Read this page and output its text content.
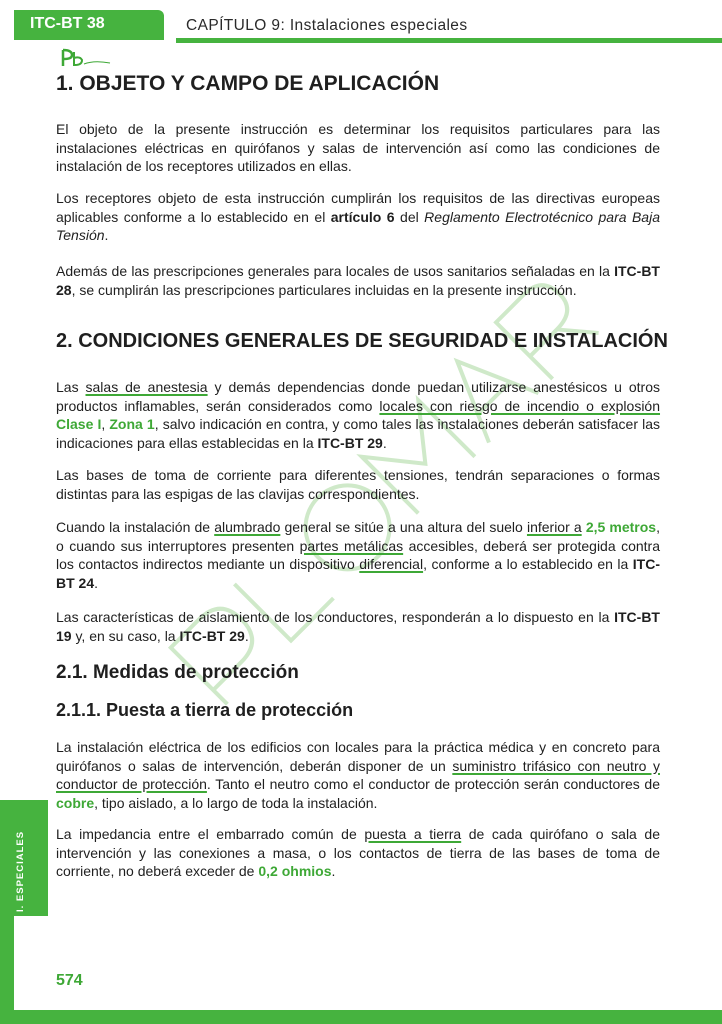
ITC-BT 38	CAPÍTULO 9: Instalaciones especiales
1. OBJETO Y CAMPO DE APLICACIÓN

El objeto de la presente instrucción es determinar los requisitos particulares para las instalaciones eléctricas en quirófanos y salas de intervención así como las condiciones de instalación de los receptores utilizados en ellas.

Los receptores objeto de esta instrucción cumplirán los requisitos de las directivas europeas aplicables conforme a lo establecido en el artículo 6 del Reglamento Electrotécnico para Baja Tensión.

Además de las prescripciones generales para locales de usos sanitarios señaladas en la ITC-BT 28, se cumplirán las prescripciones particulares incluidas en la presente instrucción.

2. CONDICIONES GENERALES DE SEGURIDAD E INSTALACIÓN

Las salas de anestesia y demás dependencias donde puedan utilizarse anestésicos u otros productos inflamables, serán considerados como locales con riesgo de incendio o explosión Clase I, Zona 1, salvo indicación en contra, y como tales las instalaciones deberán satisfacer las indicaciones para ellas establecidas en la ITC-BT 29.

Las bases de toma de corriente para diferentes tensiones, tendrán separaciones o formas distintas para las espigas de las clavijas correspondientes.

Cuando la instalación de alumbrado general se sitúe a una altura del suelo inferior a 2,5 metros, o cuando sus interruptores presenten partes metálicas accesibles, deberá ser protegida contra los contactos indirectos mediante un dispositivo diferencial, conforme a lo establecido en la ITC-BT 24.

Las características de aislamiento de los conductores, responderán a lo dispuesto en la ITC-BT 19 y, en su caso, la ITC-BT 29.

2.1. Medidas de protección
2.1.1. Puesta a tierra de protección

La instalación eléctrica de los edificios con locales para la práctica médica y en concreto para quirófanos o salas de intervención, deberán disponer de un suministro trifásico con neutro y conductor de protección. Tanto el neutro como el conductor de protección serán conductores de cobre, tipo aislado, a lo largo de toda la instalación.

La impedancia entre el embarrado común de puesta a tierra de cada quirófano o sala de intervención y las conexiones a masa, o los contactos de tierra de las bases de toma de corriente, no deberá exceder de 0,2 ohmios.

I. ESPECIALES
574
